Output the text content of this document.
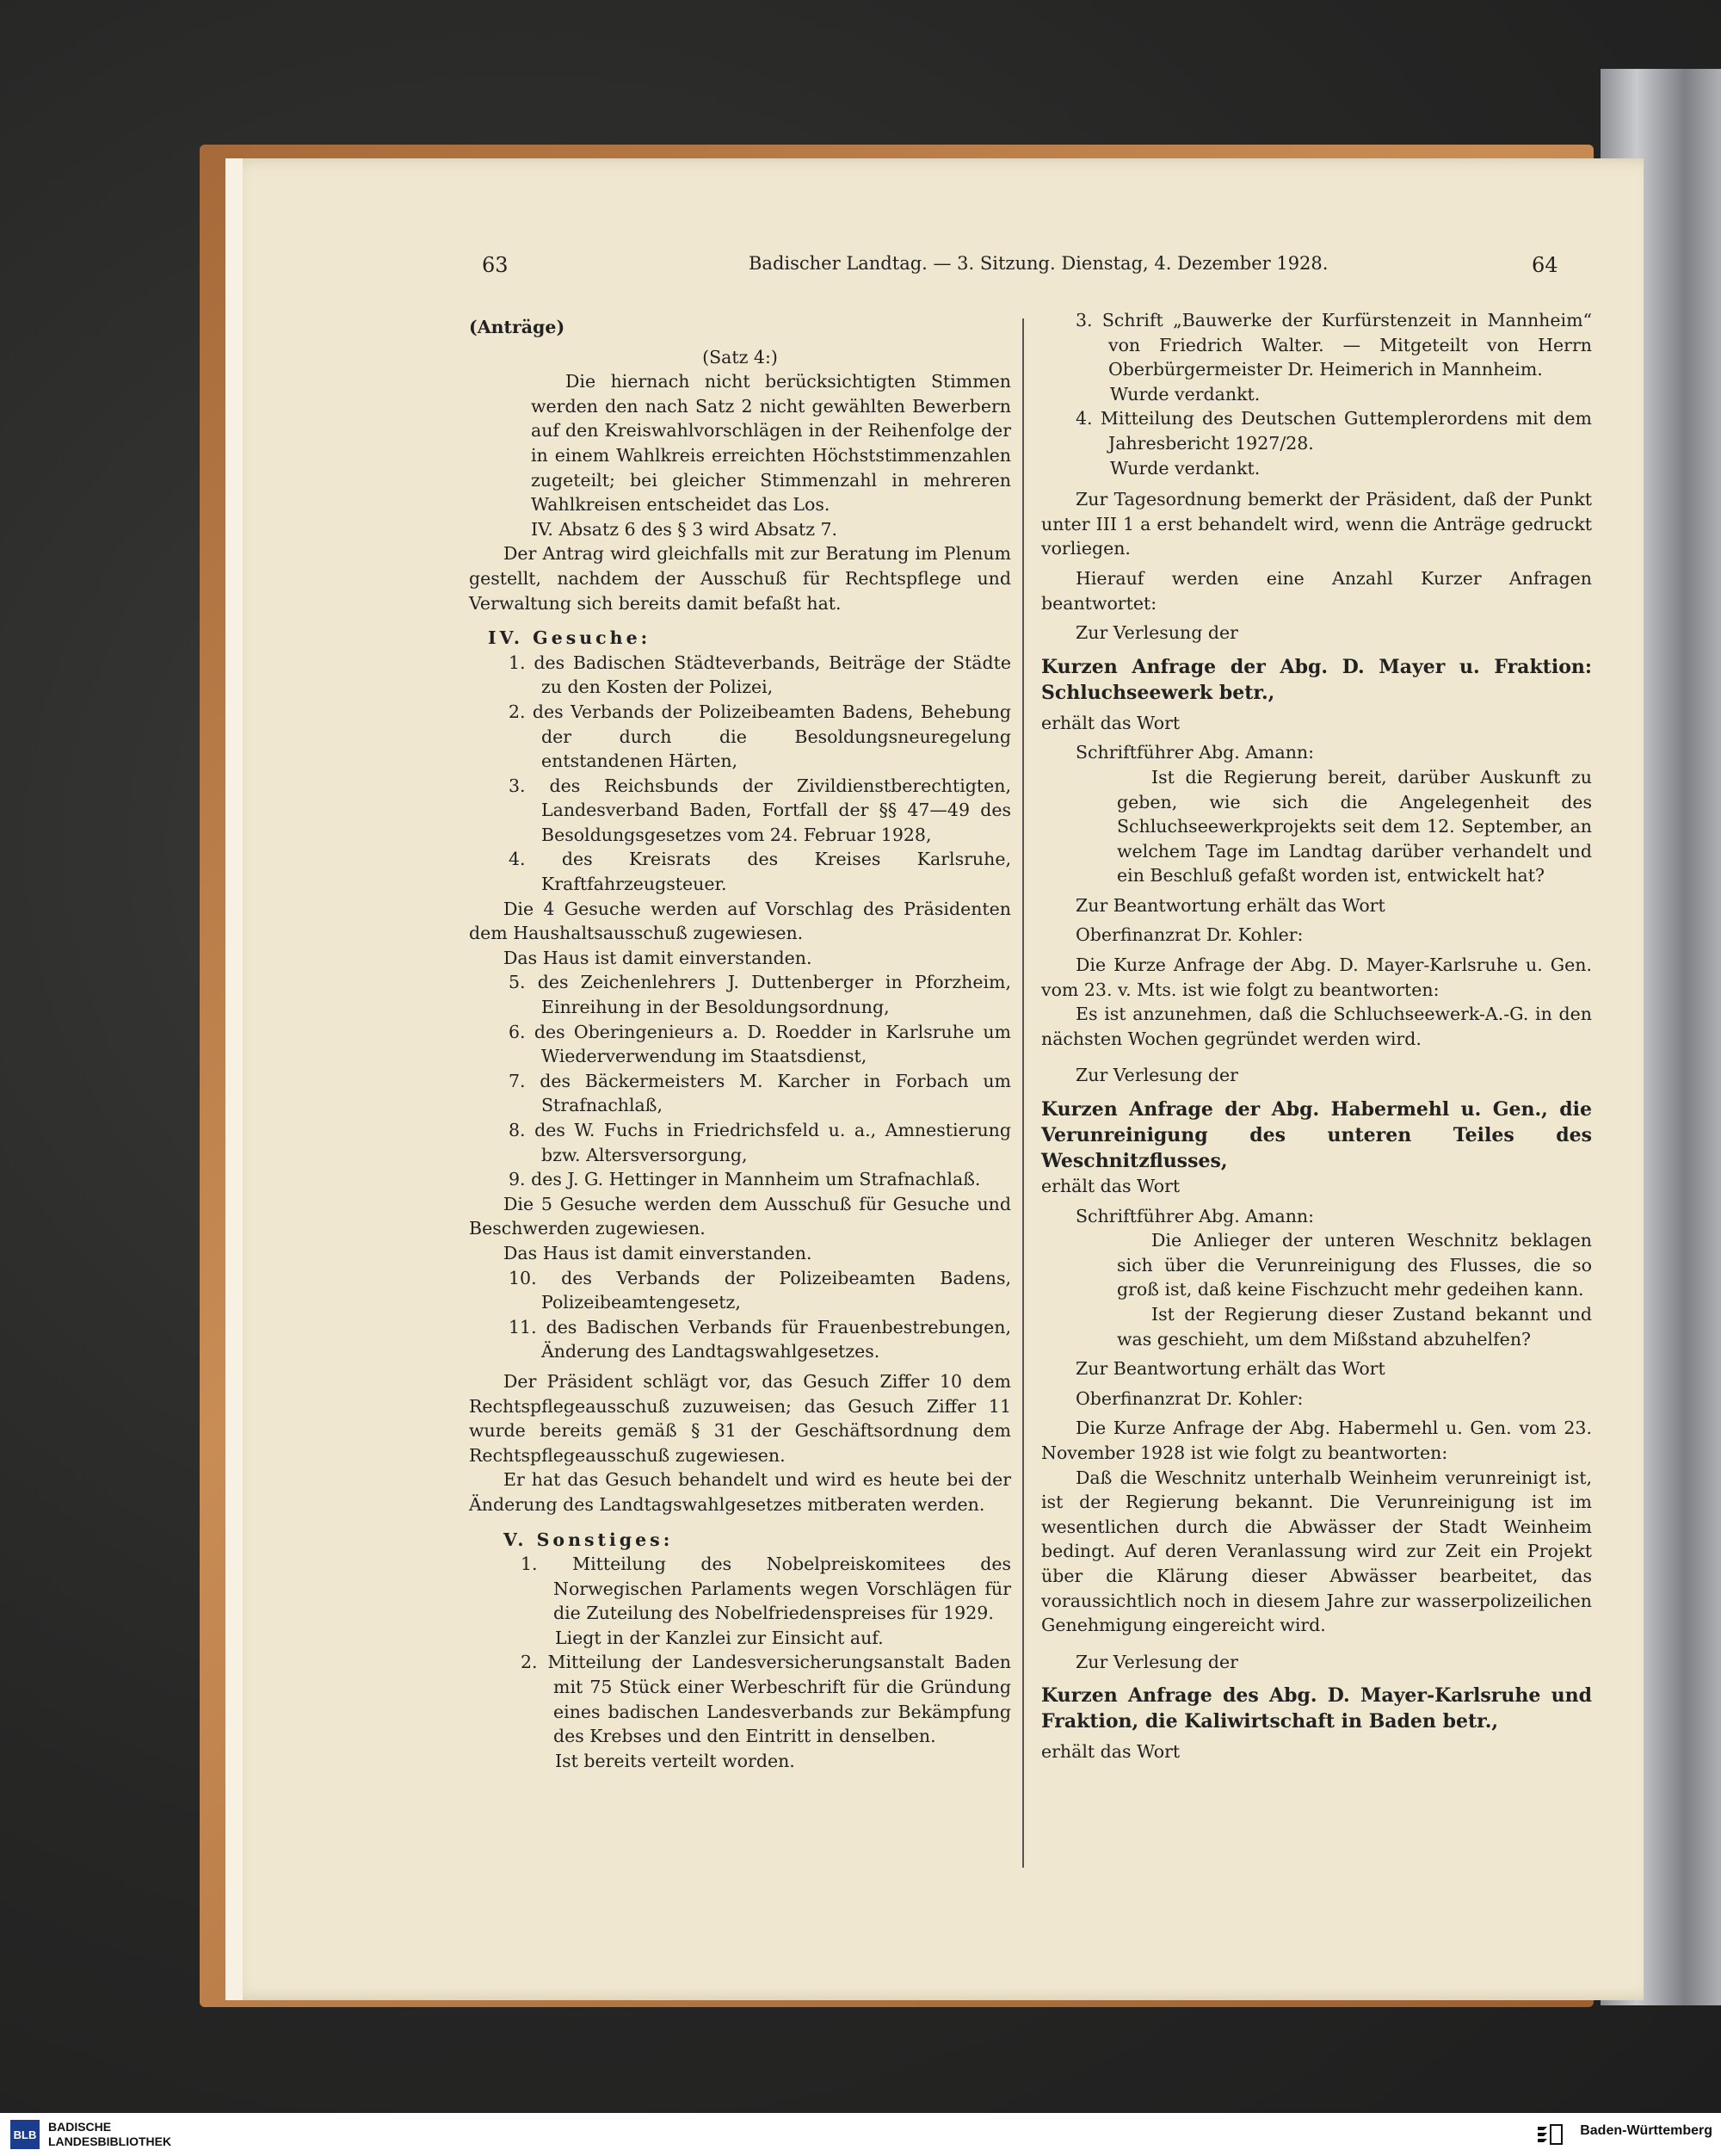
63	Badischer Landtag. — 3. Sitzung. Dienstag, 4. Dezember 1928.	64

(Anträge)

(Satz 4:)

Die hiernach nicht berücksichtigten Stimmen werden den nach Satz 2 nicht gewählten Bewerbern auf den Kreiswahlvorschlägen in der Reihenfolge der in einem Wahlkreis erreichten Höchststimmenzahlen zugeteilt; bei gleicher Stimmenzahl in mehreren Wahlkreisen entscheidet das Los.

IV. Absatz 6 des § 3 wird Absatz 7.

Der Antrag wird gleichfalls mit zur Beratung im Plenum gestellt, nachdem der Ausschuß für Rechtspflege und Verwaltung sich bereits damit befaßt hat.

IV. Gesuche:

1. des Badischen Städteverbands, Beiträge der Städte zu den Kosten der Polizei,

2. des Verbands der Polizeibeamten Badens, Behebung der durch die Besoldungsneuregelung entstandenen Härten,

3. des Reichsbunds der Zivildienstberechtigten, Landesverband Baden, Fortfall der §§ 47—49 des Besoldungsgesetzes vom 24. Februar 1928,

4. des Kreisrats des Kreises Karlsruhe, Kraftfahrzeugsteuer.

Die 4 Gesuche werden auf Vorschlag des Präsidenten dem Haushaltsausschuß zugewiesen.

Das Haus ist damit einverstanden.

5. des Zeichenlehrers J. Duttenberger in Pforzheim, Einreihung in der Besoldungsordnung,

6. des Oberingenieurs a. D. Roedder in Karlsruhe um Wiederverwendung im Staatsdienst,

7. des Bäckermeisters M. Karcher in Forbach um Strafnachlaß,

8. des W. Fuchs in Friedrichsfeld u. a., Amnestierung bzw. Altersversorgung,

9. des J. G. Hettinger in Mannheim um Strafnachlaß.

Die 5 Gesuche werden dem Ausschuß für Gesuche und Beschwerden zugewiesen.

Das Haus ist damit einverstanden.

10. des Verbands der Polizeibeamten Badens, Polizeibeamtengesetz,

11. des Badischen Verbands für Frauenbestrebungen, Änderung des Landtagswahlgesetzes.

Der Präsident schlägt vor, das Gesuch Ziffer 10 dem Rechtspflegeausschuß zuzuweisen; das Gesuch Ziffer 11 wurde bereits gemäß § 31 der Geschäftsordnung dem Rechtspflegeausschuß zugewiesen.

Er hat das Gesuch behandelt und wird es heute bei der Änderung des Landtagswahlgesetzes mitberaten werden.

V. Sonstiges:

1. Mitteilung des Nobelpreiskomitees des Norwegischen Parlaments wegen Vorschlägen für die Zuteilung des Nobelfriedenspreises für 1929.

Liegt in der Kanzlei zur Einsicht auf.

2. Mitteilung der Landesversicherungsanstalt Baden mit 75 Stück einer Werbeschrift für die Gründung eines badischen Landesverbands zur Bekämpfung des Krebses und den Eintritt in denselben.

Ist bereits verteilt worden.

3. Schrift „Bauwerke der Kurfürstenzeit in Mannheim“ von Friedrich Walter. — Mitgeteilt von Herrn Oberbürgermeister Dr. Heimerich in Mannheim.

Wurde verdankt.

4. Mitteilung des Deutschen Guttemplerordens mit dem Jahresbericht 1927/28.

Wurde verdankt.

Zur Tagesordnung bemerkt der Präsident, daß der Punkt unter III 1 a erst behandelt wird, wenn die Anträge gedruckt vorliegen.

Hierauf werden eine Anzahl Kurzer Anfragen beantwortet:

Zur Verlesung der

Kurzen Anfrage der Abg. D. Mayer u. Fraktion: Schluchseewerk betr.,

erhält das Wort

Schriftführer Abg. Amann:

Ist die Regierung bereit, darüber Auskunft zu geben, wie sich die Angelegenheit des Schluchseewerkprojekts seit dem 12. September, an welchem Tage im Landtag darüber verhandelt und ein Beschluß gefaßt worden ist, entwickelt hat?

Zur Beantwortung erhält das Wort

Oberfinanzrat Dr. Kohler:

Die Kurze Anfrage der Abg. D. Mayer-Karlsruhe u. Gen. vom 23. v. Mts. ist wie folgt zu beantworten:

Es ist anzunehmen, daß die Schluchseewerk-A.-G. in den nächsten Wochen gegründet werden wird.

Zur Verlesung der

Kurzen Anfrage der Abg. Habermehl u. Gen., die Verunreinigung des unteren Teiles des Weschnitzflusses,

erhält das Wort

Schriftführer Abg. Amann:

Die Anlieger der unteren Weschnitz beklagen sich über die Verunreinigung des Flusses, die so groß ist, daß keine Fischzucht mehr gedeihen kann.

Ist der Regierung dieser Zustand bekannt und was geschieht, um dem Mißstand abzuhelfen?

Zur Beantwortung erhält das Wort

Oberfinanzrat Dr. Kohler:

Die Kurze Anfrage der Abg. Habermehl u. Gen. vom 23. November 1928 ist wie folgt zu beantworten:

Daß die Weschnitz unterhalb Weinheim verunreinigt ist, ist der Regierung bekannt. Die Verunreinigung ist im wesentlichen durch die Abwässer der Stadt Weinheim bedingt. Auf deren Veranlassung wird zur Zeit ein Projekt über die Klärung dieser Abwässer bearbeitet, das voraussichtlich noch in diesem Jahre zur wasserpolizeilichen Genehmigung eingereicht wird.

Zur Verlesung der

Kurzen Anfrage des Abg. D. Mayer-Karlsruhe und Fraktion, die Kaliwirtschaft in Baden betr.,

erhält das Wort

BLB
BADISCHE
LANDESBIBLIOTHEK
Baden-Württemberg
